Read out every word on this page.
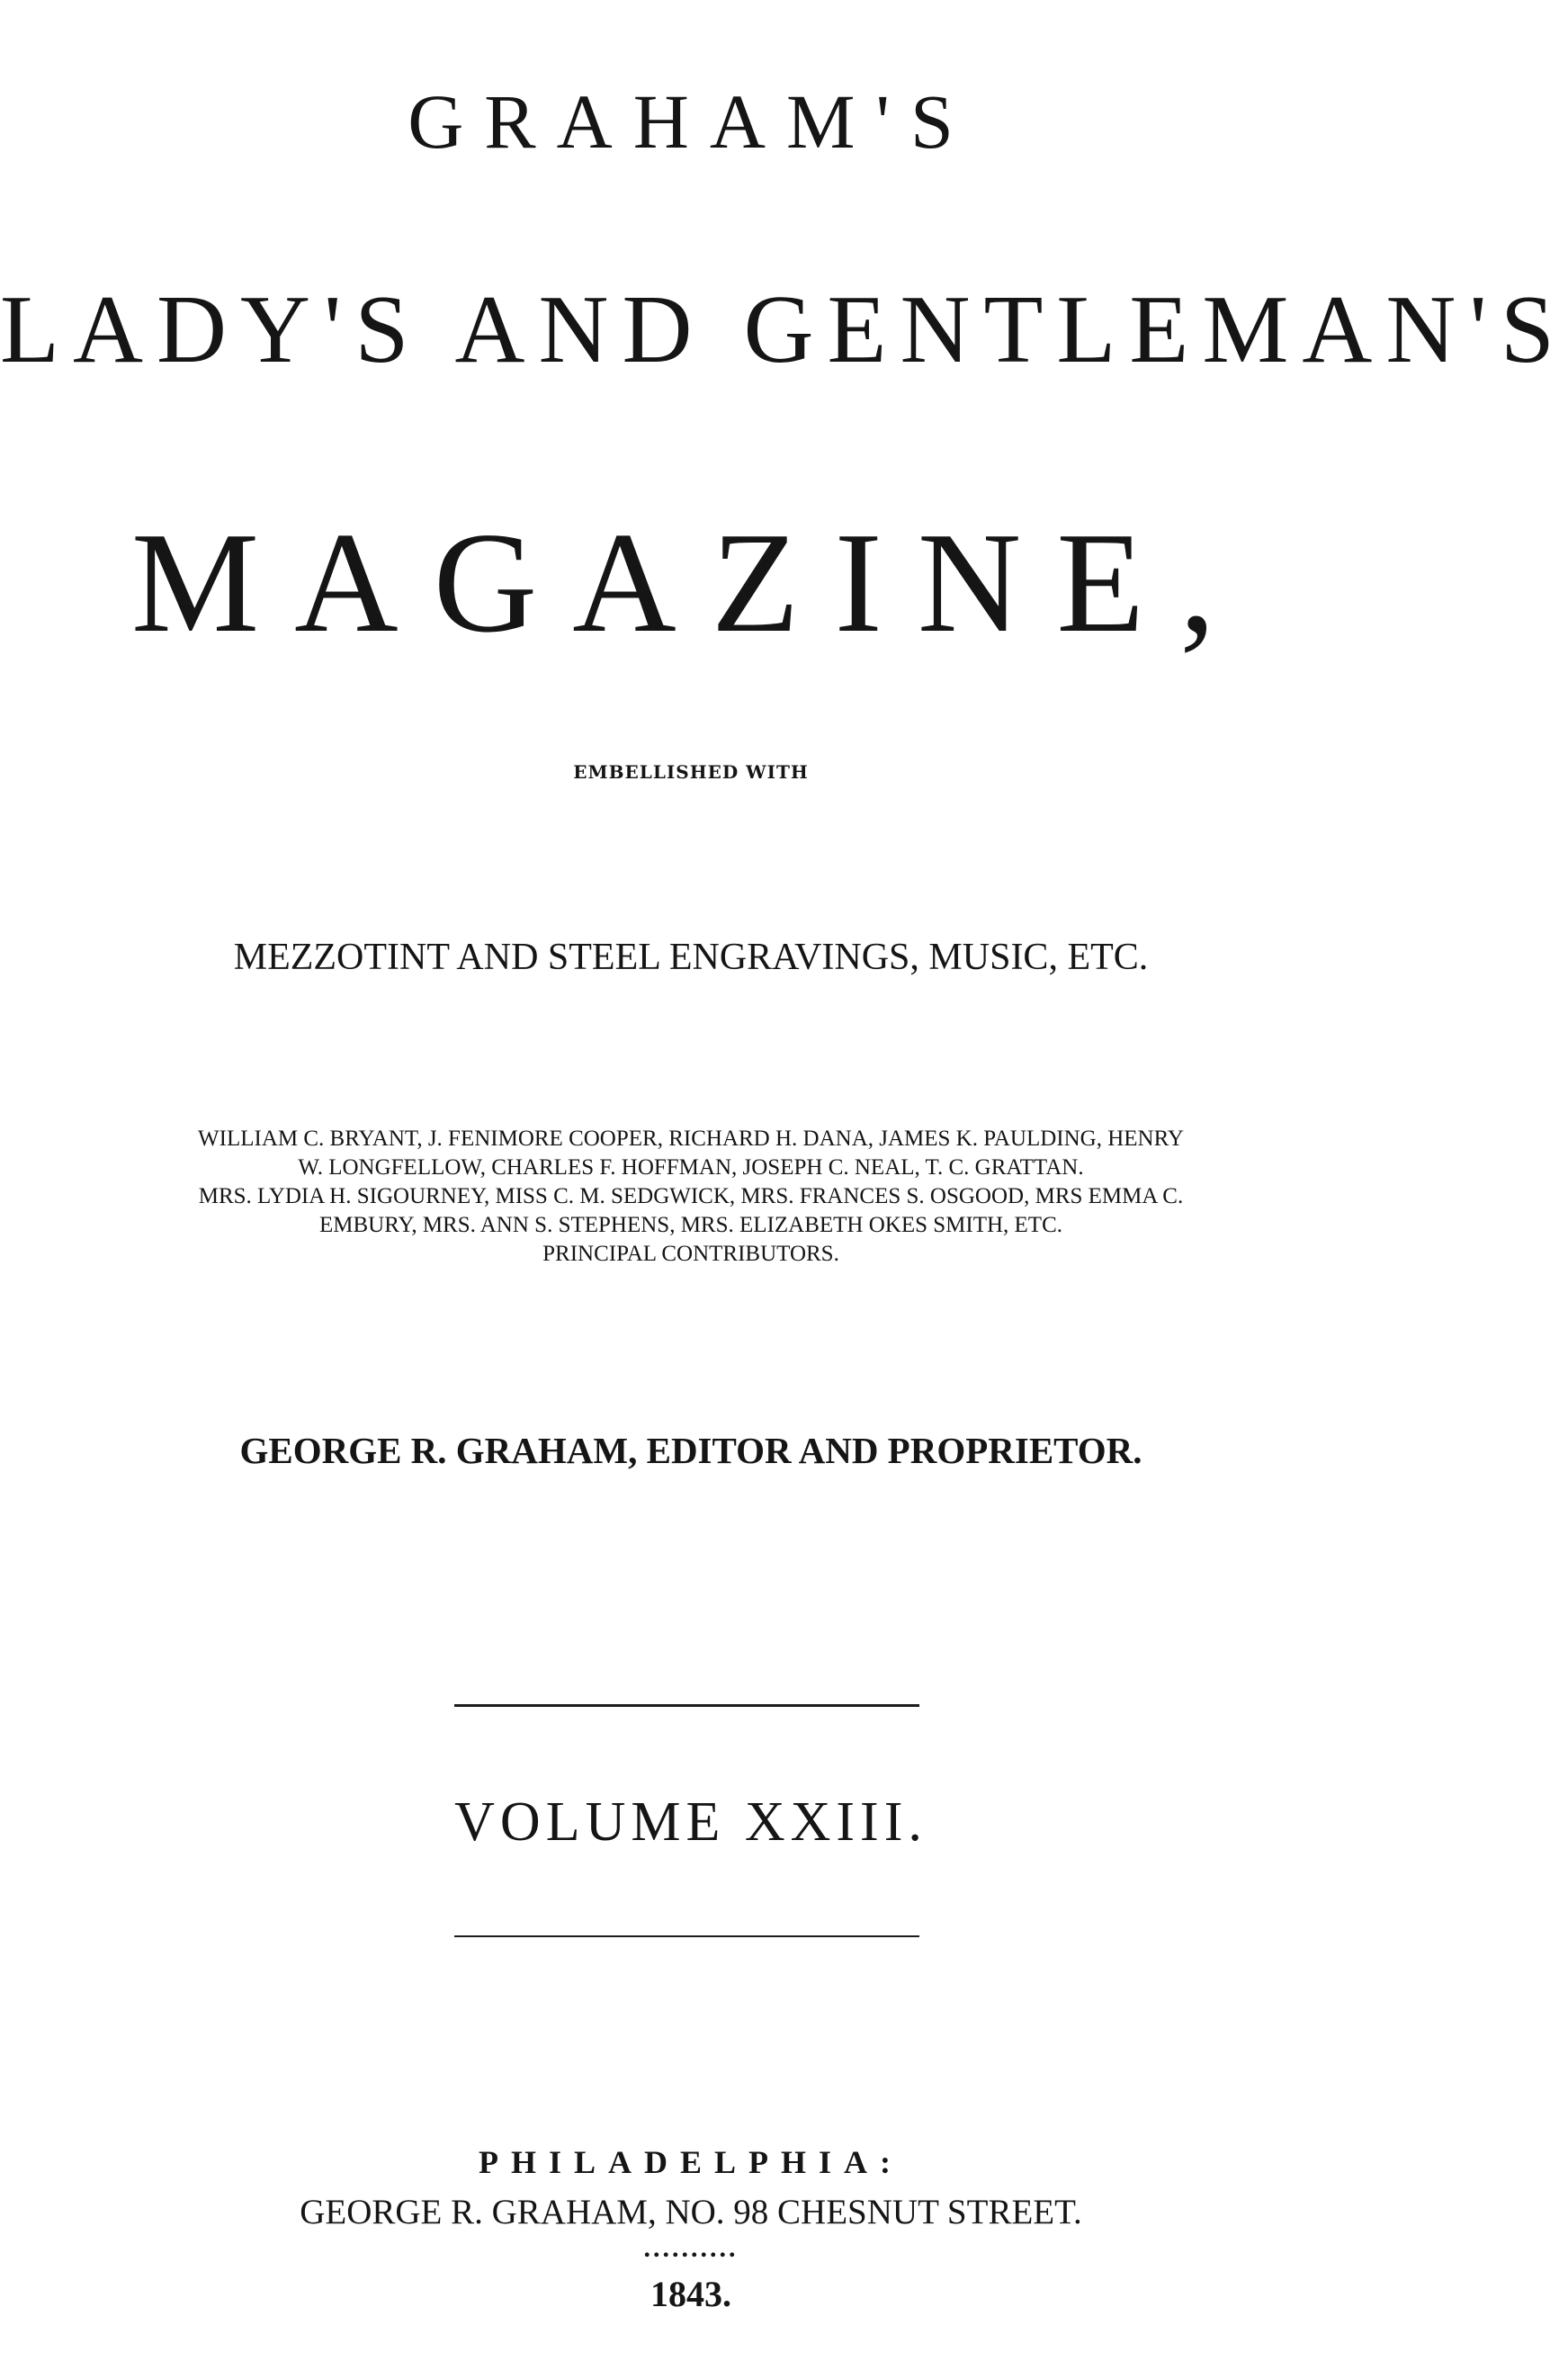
GRAHAM'S
LADY'S AND GENTLEMAN'S
MAGAZINE,
EMBELLISHED WITH
MEZZOTINT AND STEEL ENGRAVINGS, MUSIC, ETC.
WILLIAM C. BRYANT, J. FENIMORE COOPER, RICHARD H. DANA, JAMES K. PAULDING, HENRY
W. LONGFELLOW, CHARLES F. HOFFMAN, JOSEPH C. NEAL, T. C. GRATTAN.
MRS. LYDIA H. SIGOURNEY, MISS C. M. SEDGWICK, MRS. FRANCES S. OSGOOD, MRS EMMA C.
EMBURY, MRS. ANN S. STEPHENS, MRS. ELIZABETH OKES SMITH, ETC.
PRINCIPAL CONTRIBUTORS.
GEORGE R. GRAHAM, EDITOR AND PROPRIETOR.
VOLUME XXIII.
PHILADELPHIA:
GEORGE R. GRAHAM, NO. 98 CHESNUT STREET.
..........
1843.
